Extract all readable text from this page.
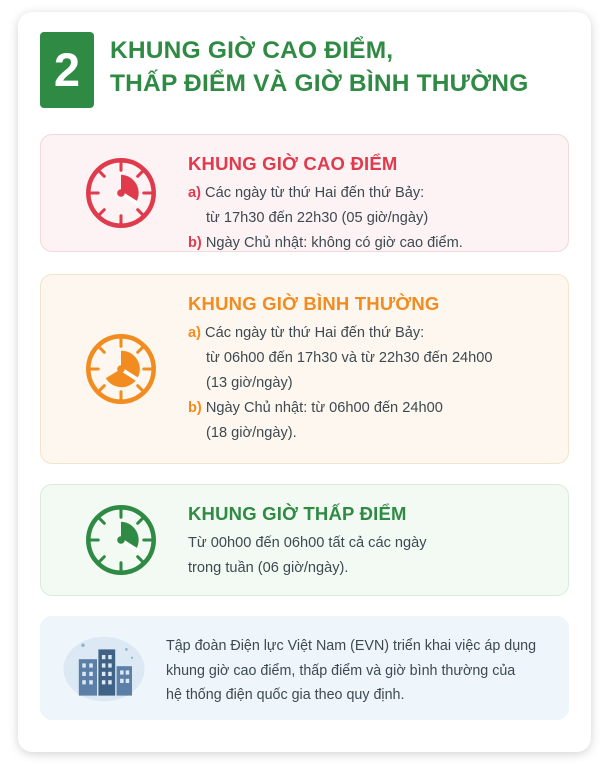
2	KHUNG GIỜ CAO ĐIỂM,
THẤP ĐIỂM VÀ GIỜ BÌNH THƯỜNG
KHUNG GIỜ CAO ĐIỂM
a) Các ngày từ thứ Hai đến thứ Bảy:
từ 17h30 đến 22h30 (05 giờ/ngày)
b) Ngày Chủ nhật: không có giờ cao điểm.
KHUNG GIỜ BÌNH THƯỜNG
a) Các ngày từ thứ Hai đến thứ Bảy:
từ 06h00 đến 17h30 và từ 22h30 đến 24h00
(13 giờ/ngày)
b) Ngày Chủ nhật: từ 06h00 đến 24h00
(18 giờ/ngày).
KHUNG GIỜ THẤP ĐIỂM
Từ 00h00 đến 06h00 tất cả các ngày
trong tuần (06 giờ/ngày).
Tập đoàn Điện lực Việt Nam (EVN) triển khai việc áp dụng
khung giờ cao điểm, thấp điểm và giờ bình thường của
hệ thống điện quốc gia theo quy định.
